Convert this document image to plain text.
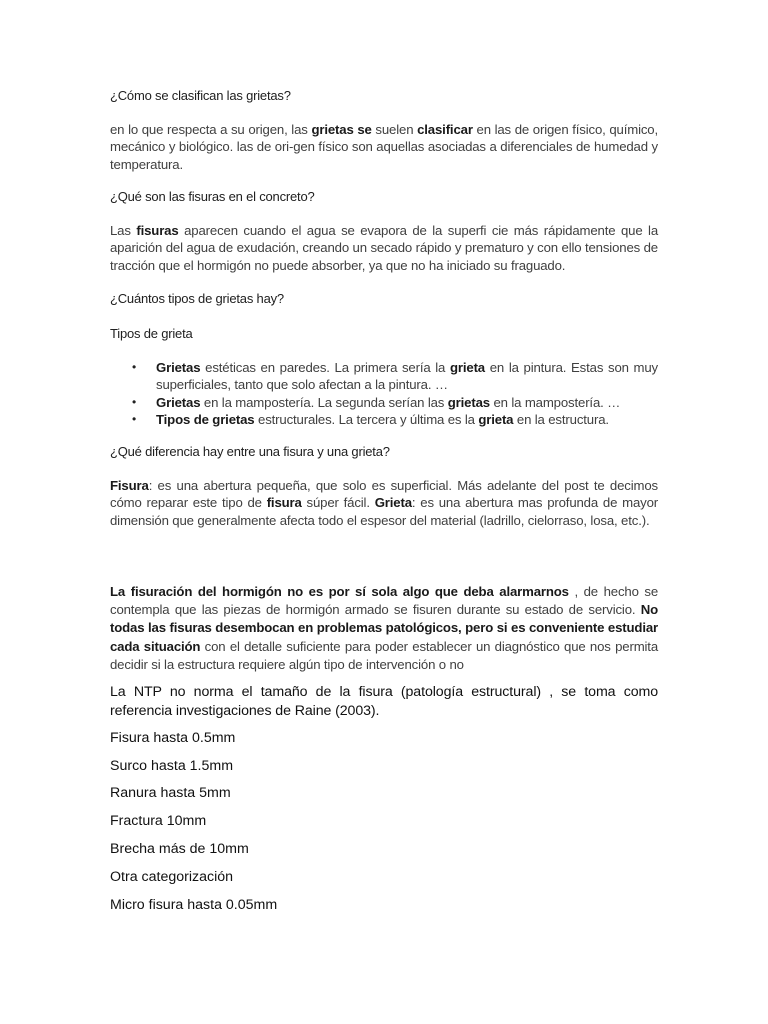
¿Cómo se clasifican las grietas?

en lo que respecta a su origen, las grietas se suelen clasificar en las de origen físico, químico, mecánico y biológico. las de ori-gen físico son aquellas asociadas a diferenciales de humedad y temperatura.

¿Qué son las fisuras en el concreto?

Las fisuras aparecen cuando el agua se evapora de la superfi cie más rápidamente que la aparición del agua de exudación, creando un secado rápido y prematuro y con ello tensiones de tracción que el hormigón no puede absorber, ya que no ha iniciado su fraguado.

¿Cuántos tipos de grietas hay?

Tipos de grieta

• Grietas estéticas en paredes. La primera sería la grieta en la pintura. Estas son muy superficiales, tanto que solo afectan a la pintura. …
• Grietas en la mampostería. La segunda serían las grietas en la mampostería. …
• Tipos de grietas estructurales. La tercera y última es la grieta en la estructura.

¿Qué diferencia hay entre una fisura y una grieta?

Fisura: es una abertura pequeña, que solo es superficial. Más adelante del post te decimos cómo reparar este tipo de fisura súper fácil. Grieta: es una abertura mas profunda de mayor dimensión que generalmente afecta todo el espesor del material (ladrillo, cielorraso, losa, etc.).

La fisuración del hormigón no es por sí sola algo que deba alarmarnos , de hecho se contempla que las piezas de hormigón armado se fisuren durante su estado de servicio. No todas las fisuras desembocan en problemas patológicos, pero si es conveniente estudiar cada situación con el detalle suficiente para poder establecer un diagnóstico que nos permita decidir si la estructura requiere algún tipo de intervención o no

La NTP no norma el tamaño de la fisura (patología estructural) , se toma como referencia investigaciones de Raine (2003).

Fisura hasta 0.5mm

Surco hasta 1.5mm

Ranura hasta 5mm

Fractura 10mm

Brecha más de 10mm

Otra categorización

Micro fisura hasta 0.05mm
